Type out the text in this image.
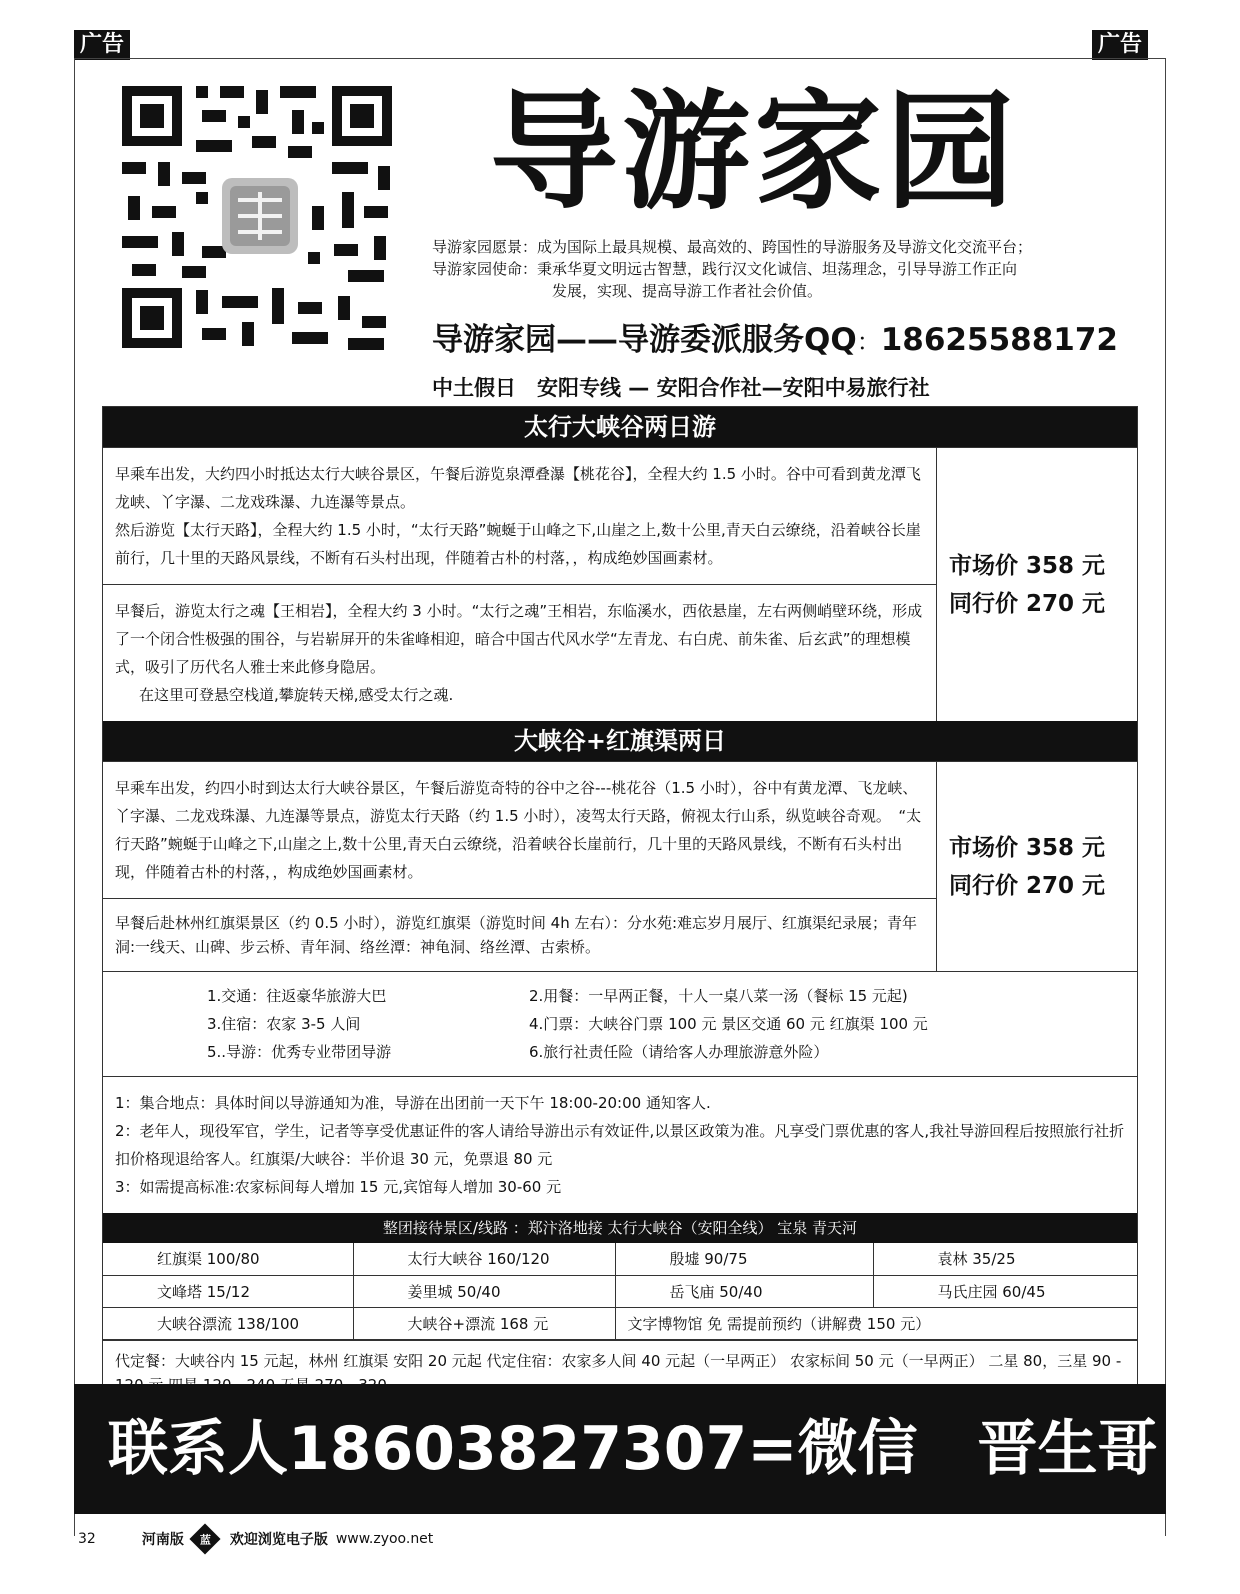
广告	广告
导游家园
导游家园愿景： 成为国际上最具规模、最高效的、跨国性的导游服务及导游文化交流平台；
导游家园使命： 秉承华夏文明远古智慧，践行汉文化诚信、坦荡理念，引导导游工作正向
发展，实现、提高导游工作者社会价值。
导游家园——导游委派服务QQ：18625588172
中土假日　安阳专线 — 安阳合作社—安阳中易旅行社
太行大峡谷两日游
早乘车出发，大约四小时抵达太行大峡谷景区，午餐后游览泉潭叠瀑【桃花谷】，全程大约 1.5 小时。谷中可看到黄龙潭飞龙峡、丫字瀑、二龙戏珠瀑、九连瀑等景点。
然后游览【太行天路】，全程大约 1.5 小时，“太行天路”蜿蜒于山峰之下,山崖之上,数十公里,青天白云缭绕，沿着峡谷长崖前行，几十里的天路风景线，不断有石头村出现，伴随着古朴的村落，，构成绝妙国画素材。
早餐后，游览太行之魂【王相岩】，全程大约 3 小时。“太行之魂”王相岩，东临溪水，西依悬崖，左右两侧峭壁环绕，形成了一个闭合性极强的围谷，与岩崭屏开的朱雀峰相迎，暗合中国古代风水学“左青龙、右白虎、前朱雀、后玄武”的理想模式，吸引了历代名人雅士来此修身隐居。
在这里可登悬空栈道,攀旋转天梯,感受太行之魂.
市场价 358 元
同行价 270 元
大峡谷+红旗渠两日
早乘车出发，约四小时到达太行大峡谷景区，午餐后游览奇特的谷中之谷---桃花谷（1.5 小时），谷中有黄龙潭、飞龙峡、丫字瀑、二龙戏珠瀑、九连瀑等景点，游览太行天路（约 1.5 小时），凌驾太行天路，俯视太行山系，纵览峡谷奇观。　“太行天路”蜿蜒于山峰之下,山崖之上,数十公里,青天白云缭绕，沿着峡谷长崖前行，几十里的天路风景线，不断有石头村出现，伴随着古朴的村落，，构成绝妙国画素材。
早餐后赴林州红旗渠景区（约 0.5 小时），游览红旗渠（游览时间 4h 左右）：分水苑:难忘岁月展厅、红旗渠纪录展；青年洞:一线天、山碑、步云桥、青年洞、络丝潭：神龟洞、络丝潭、古索桥。
市场价 358 元
同行价 270 元
1.交通：往返豪华旅游大巴	2.用餐：一早两正餐，十人一桌八菜一汤（餐标 15 元起)
3.住宿：农家 3-5 人间	4.门票：大峡谷门票 100 元 景区交通 60 元 红旗渠 100 元
5..导游：优秀专业带团导游	6.旅行社责任险（请给客人办理旅游意外险）
1：集合地点：具体时间以导游通知为准，导游在出团前一天下午 18:00-20:00 通知客人.
2：老年人，现役军官，学生，记者等享受优惠证件的客人请给导游出示有效证件,以景区政策为准。凡享受门票优惠的客人,我社导游回程后按照旅行社折扣价格现退给客人。红旗渠/大峡谷：半价退 30 元，免票退 80 元
3：如需提高标准:农家标间每人增加 15 元,宾馆每人增加 30-60 元
整团接待景区/线路 ：郑汴洛地接 太行大峡谷（安阳全线） 宝泉 青天河
红旗渠 100/80	太行大峡谷 160/120	殷墟 90/75	袁林 35/25
文峰塔 15/12	姜里城 50/40	岳飞庙 50/40	马氏庄园 60/45
大峡谷漂流 138/100	大峡谷+漂流 168 元	文字博物馆 免 需提前预约（讲解费 150 元）	
代定餐：大峡谷内 15 元起，林州 红旗渠 安阳 20 元起 代定住宿：农家多人间 40 元起（一早两正） 农家标间 50 元（一早两正） 二星 80，三星 90 -
联系人18603827307=微信 晋生哥
32	河南版 蓝 欢迎浏览电子版 www.zyoo.net
